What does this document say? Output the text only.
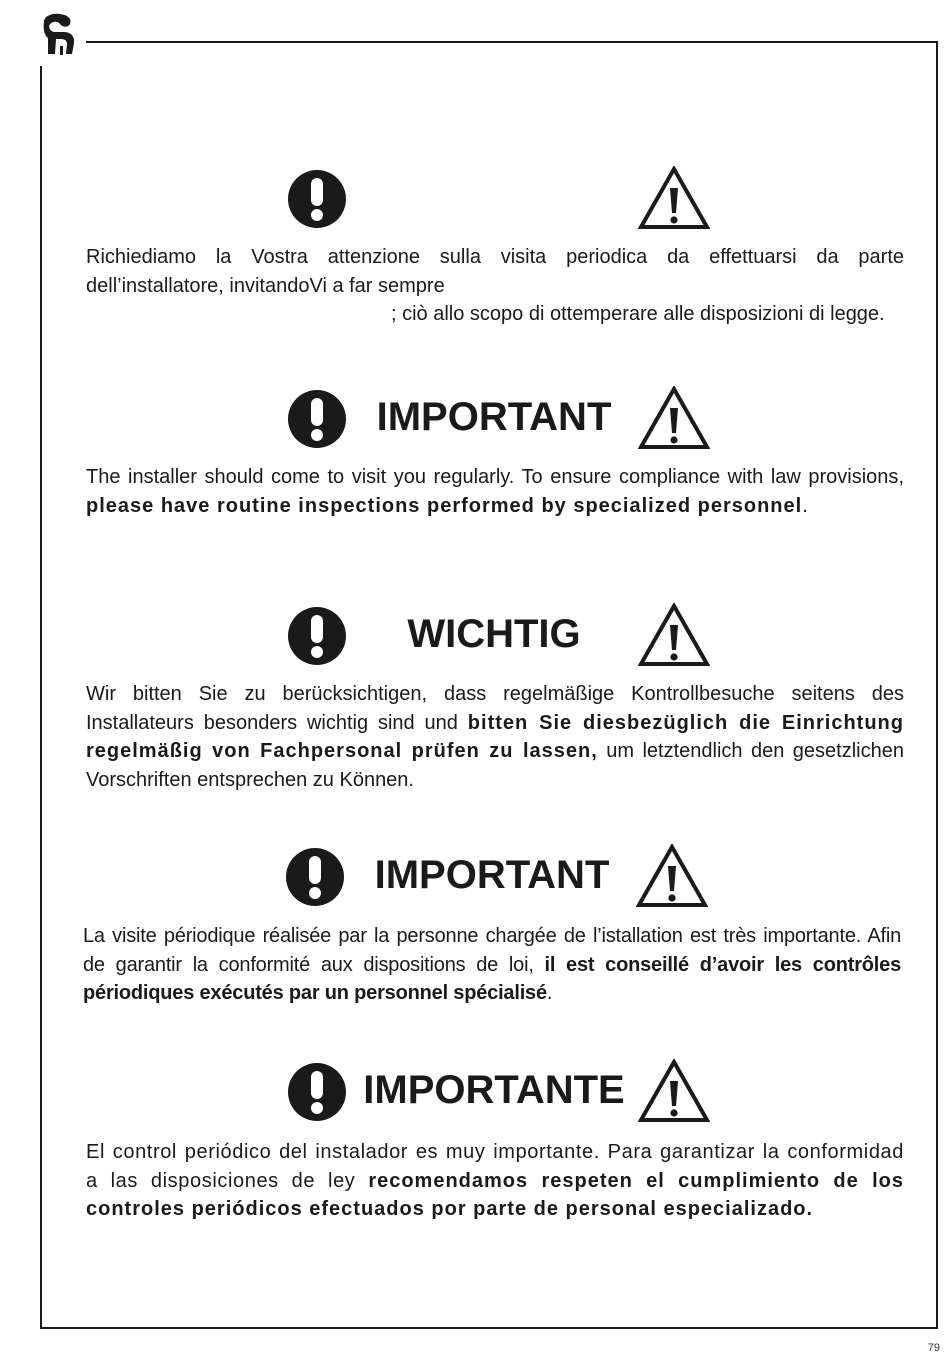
Richiediamo la Vostra attenzione sulla visita periodica da effettuarsi da parte dell’installatore, invitandoVi a far sempre
; ciò allo scopo di ottemperare alle disposizioni di legge.

IMPORTANT

The installer should come to visit you regularly. To ensure compliance with law provisions, please have routine inspections performed by specialized personnel.

WICHTIG

Wir bitten Sie zu berücksichtigen, dass regelmäßige Kontrollbesuche seitens des Installateurs besonders wichtig sind und bitten Sie diesbezüglich die Einrichtung regelmäßig von Fachpersonal prüfen zu lassen, um letztendlich den gesetzlichen Vorschriften entsprechen zu Können.

IMPORTANT

La visite périodique réalisée par la personne chargée de l’istallation est très importante. Afin de garantir la conformité aux dispositions de loi, il est conseillé d’avoir les contrôles périodiques exécutés par un personnel spécialisé.

IMPORTANTE

El control periódico del instalador es muy importante. Para garantizar la conformidad a las disposiciones de ley recomendamos respeten el cumplimiento de los controles periódicos efectuados por parte de personal especializado.

79
